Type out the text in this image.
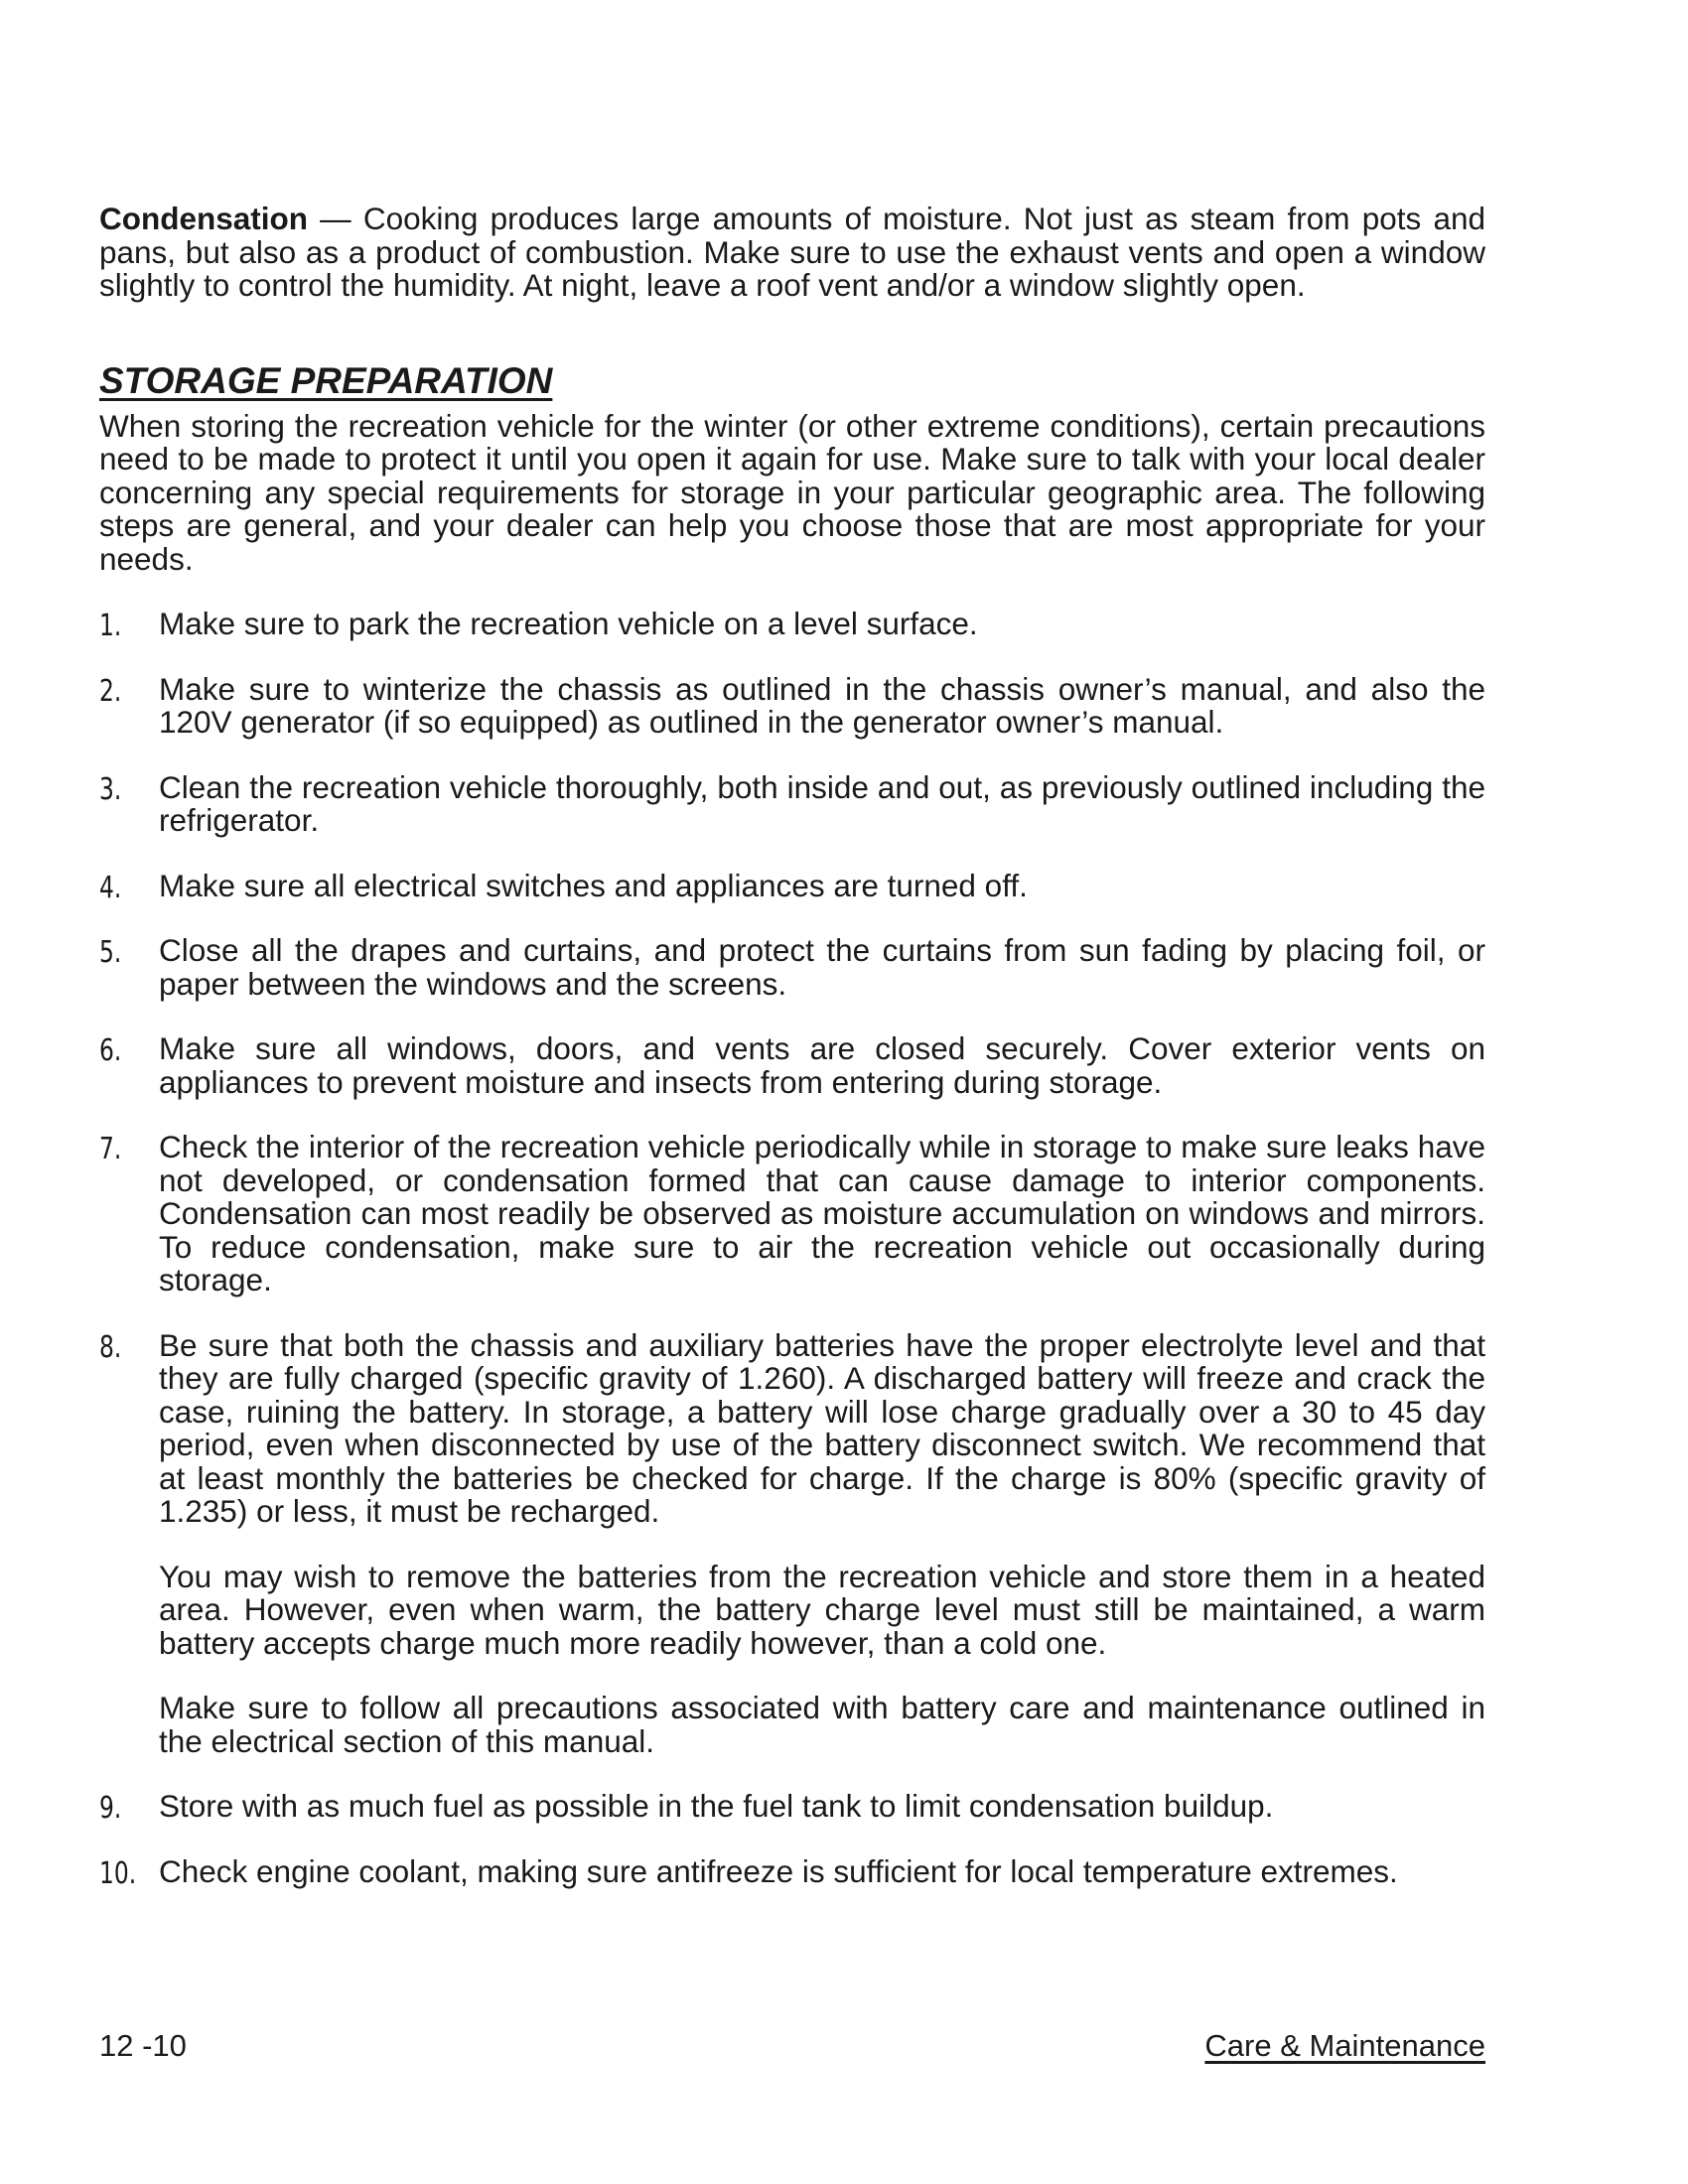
Condensation — Cooking produces large amounts of moisture. Not just as steam from pots and pans, but also as a product of combustion. Make sure to use the exhaust vents and open a window slightly to control the humidity. At night, leave a roof vent and/or a window slightly open.

STORAGE PREPARATION

When storing the recreation vehicle for the winter (or other extreme conditions), certain precautions need to be made to protect it until you open it again for use. Make sure to talk with your local dealer concerning any special requirements for storage in your particular geographic area. The following steps are general, and your dealer can help you choose those that are most appropriate for your needs.

1. Make sure to park the recreation vehicle on a level surface.

2. Make sure to winterize the chassis as outlined in the chassis owner’s manual, and also the 120V generator (if so equipped) as outlined in the generator owner’s manual.

3. Clean the recreation vehicle thoroughly, both inside and out, as previously outlined including the refrigerator.

4. Make sure all electrical switches and appliances are turned off.

5. Close all the drapes and curtains, and protect the curtains from sun fading by placing foil, or paper between the windows and the screens.

6. Make sure all windows, doors, and vents are closed securely. Cover exterior vents on appliances to prevent moisture and insects from entering during storage.

7. Check the interior of the recreation vehicle periodically while in storage to make sure leaks have not developed, or condensation formed that can cause damage to interior components. Condensation can most readily be observed as moisture accumulation on windows and mirrors. To reduce condensation, make sure to air the recreation vehicle out occasionally during storage.

8. Be sure that both the chassis and auxiliary batteries have the proper electrolyte level and that they are fully charged (specific gravity of 1.260). A discharged battery will freeze and crack the case, ruining the battery. In storage, a battery will lose charge gradually over a 30 to 45 day period, even when disconnected by use of the battery disconnect switch. We recommend that at least monthly the batteries be checked for charge. If the charge is 80% (specific gravity of 1.235) or less, it must be recharged.

You may wish to remove the batteries from the recreation vehicle and store them in a heated area. However, even when warm, the battery charge level must still be maintained, a warm battery accepts charge much more readily however, than a cold one.

Make sure to follow all precautions associated with battery care and maintenance outlined in the electrical section of this manual.

9. Store with as much fuel as possible in the fuel tank to limit condensation buildup.

10. Check engine coolant, making sure antifreeze is sufficient for local temperature extremes.

12 -10	Care & Maintenance
